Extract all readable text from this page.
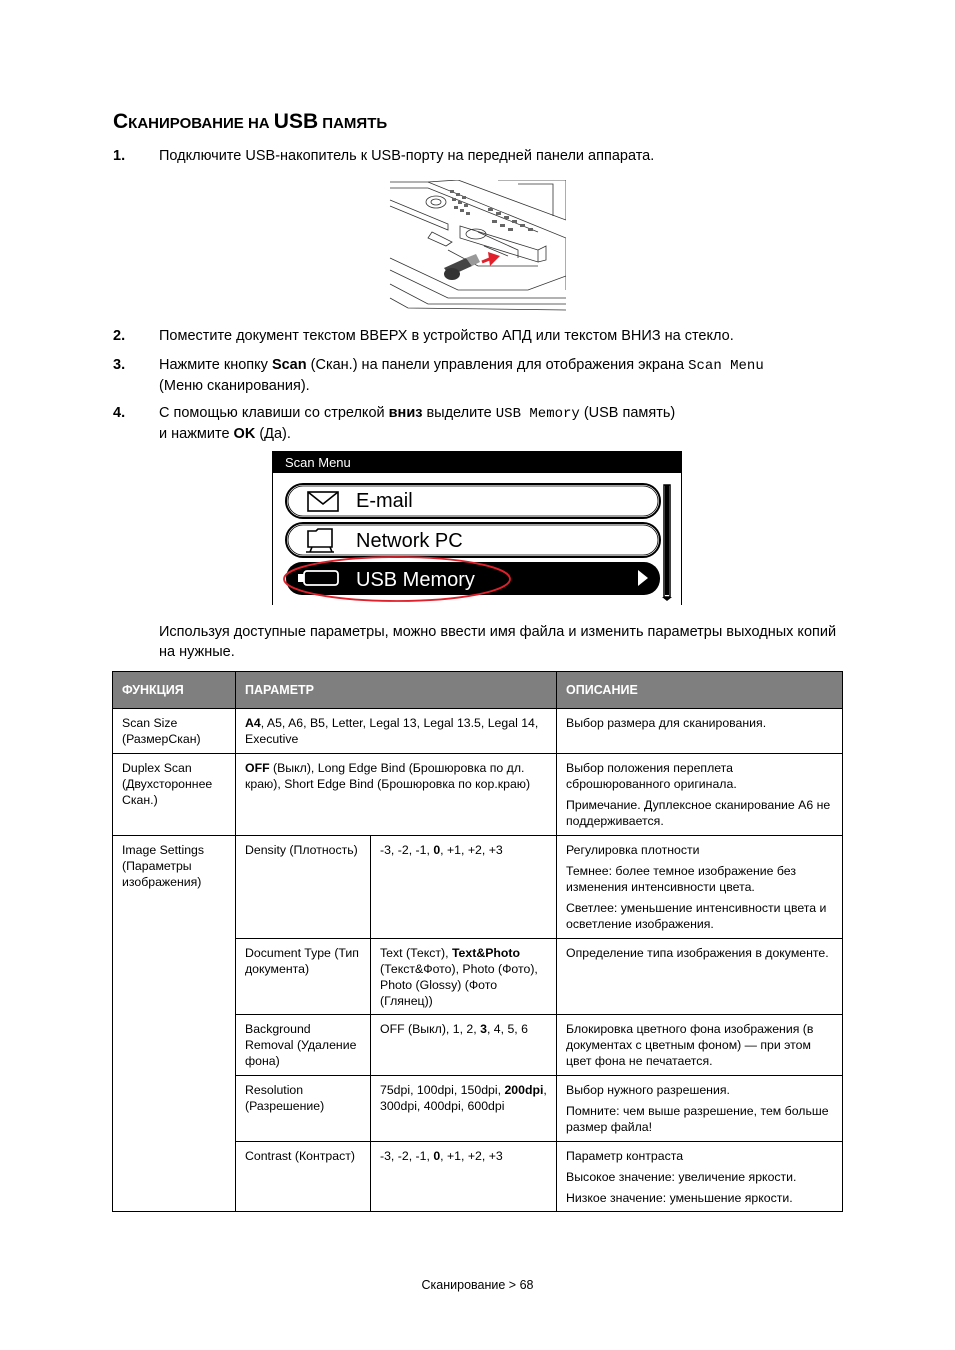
СКАНИРОВАНИЕ НА USB ПАМЯТЬ
1. Подключите USB-накопитель к USB-порту на передней панели аппарата.
2. Поместите документ текстом ВВЕРХ в устройство АПД или текстом ВНИЗ на стекло.
3. Нажмите кнопку Scan (Скан.) на панели управления для отображения экрана Scan Menu
(Меню сканирования).
4. С помощью клавиши со стрелкой вниз выделите USB Memory (USB память)
и нажмите OK (Да).
Scan Menu
E-mail
Network PC
USB Memory

Используя доступные параметры, можно ввести имя файла и изменить параметры выходных копий на нужные.

ФУНКЦИЯ	ПАРАМЕТР		ОПИСАНИЕ
Scan Size (РазмерСкан)	A4, A5, A6, B5, Letter, Legal 13, Legal 13.5, Legal 14, Executive		Выбор размера для сканирования.
Duplex Scan (Двухстороннее Скан.)	OFF (Выкл), Long Edge Bind (Брошюровка по дл. краю), Short Edge Bind (Брошюровка по кор.краю)		Выбор положения переплета сброшюрованного оригинала.

Примечание. Дуплексное сканирование A6 не поддерживается.

Image Settings (Параметры изображения)	Density (Плотность)	-3, -2, -1, 0, +1, +2, +3	Регулировка плотности

Темнее: более темное изображение без изменения интенсивности цвета.

Светлее: уменьшение интенсивности цвета и осветление изображения.

	Document Type (Тип документа)	Text (Текст), Text&Photo (Текст&Фото), Photo (Фото), Photo (Glossy) (Фото (Глянец))	Определение типа изображения в документе.
	Background Removal (Удаление фона)	OFF (Выкл), 1, 2, 3, 4, 5, 6	Блокировка цветного фона изображения (в документах с цветным фоном) — при этом цвет фона не печатается.
	Resolution (Разрешение)	75dpi, 100dpi, 150dpi, 200dpi, 300dpi, 400dpi, 600dpi	Выбор нужного разрешения.

Помните: чем выше разрешение, тем больше размер файла!

	Contrast (Контраст)	-3, -2, -1, 0, +1, +2, +3	Параметр контраста

Высокое значение: увеличение яркости.

Низкое значение: уменьшение яркости.

Сканирование > 68
